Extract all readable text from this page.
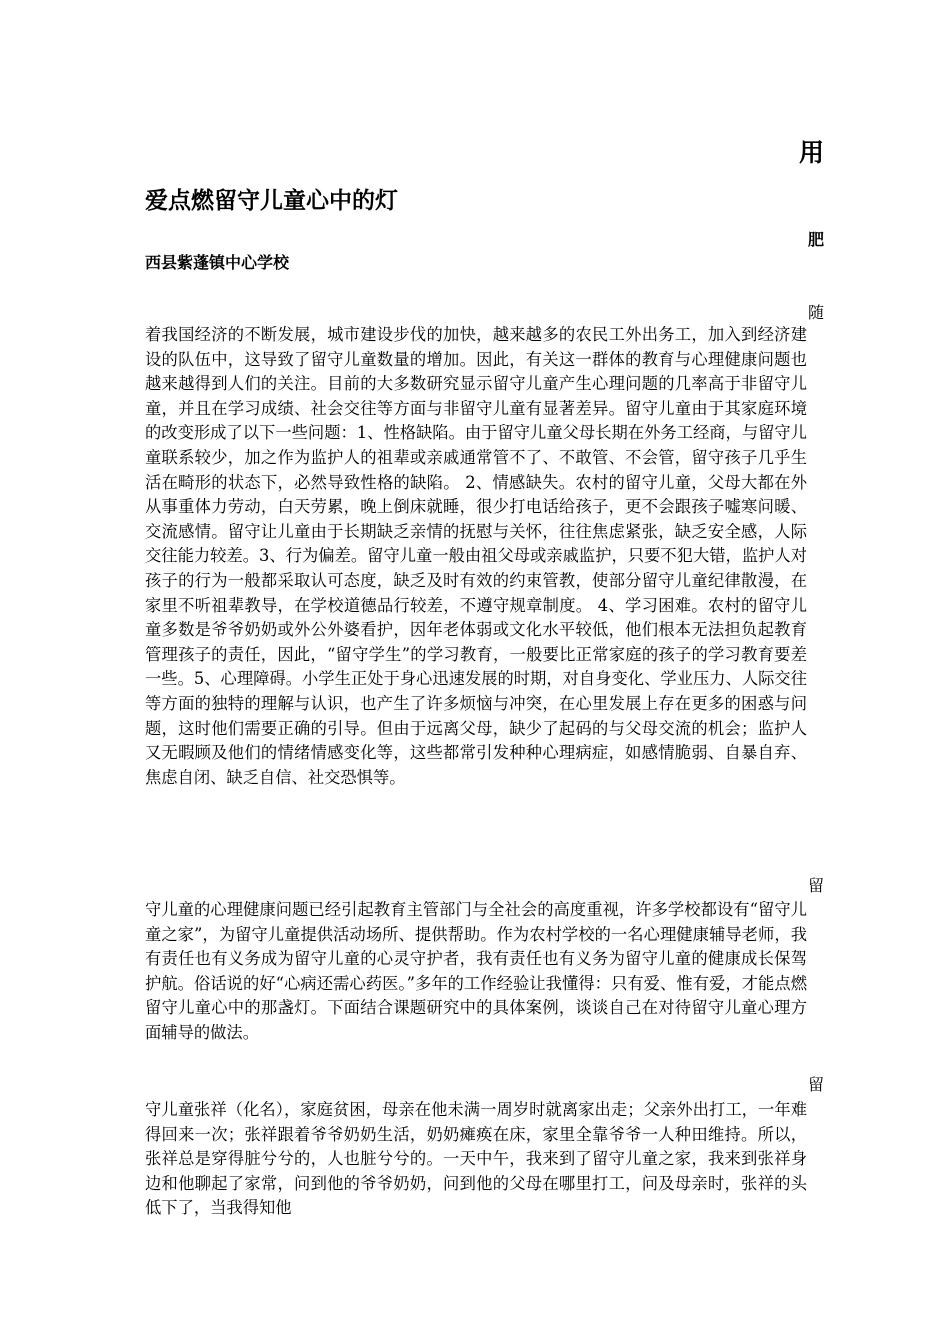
用
爱点燃留守儿童心中的灯
肥
西县紫蓬镇中心学校
随

着我国经济的不断发展，城市建设步伐的加快，越来越多的农民工外出务工，加入到经济建设的队伍中，这导致了留守儿童数量的增加。因此，有关这一群体的教育与心理健康问题也越来越得到人们的关注。目前的大多数研究显示留守儿童产生心理问题的几率高于非留守儿童，并且在学习成绩、社会交往等方面与非留守儿童有显著差异。留守儿童由于其家庭环境的改变形成了以下一些问题：1、性格缺陷。由于留守儿童父母长期在外务工经商，与留守儿童联系较少，加之作为监护人的祖辈或亲戚通常管不了、不敢管、不会管，留守孩子几乎生活在畸形的状态下，必然导致性格的缺陷。 2、情感缺失。农村的留守儿童，父母大都在外从事重体力劳动，白天劳累，晚上倒床就睡，很少打电话给孩子，更不会跟孩子嘘寒问暖、交流感情。留守让儿童由于长期缺乏亲情的抚慰与关怀，往往焦虑紧张，缺乏安全感，人际交往能力较差。3、行为偏差。留守儿童一般由祖父母或亲戚监护，只要不犯大错，监护人对孩子的行为一般都采取认可态度，缺乏及时有效的约束管教，使部分留守儿童纪律散漫，在家里不听祖辈教导，在学校道德品行较差，不遵守规章制度。 4、学习困难。农村的留守儿童多数是爷爷奶奶或外公外婆看护，因年老体弱或文化水平较低，他们根本无法担负起教育管理孩子的责任，因此，“留守学生”的学习教育，一般要比正常家庭的孩子的学习教育要差一些。5、心理障碍。小学生正处于身心迅速发展的时期，对自身变化、学业压力、人际交往等方面的独特的理解与认识，也产生了许多烦恼与冲突，在心里发展上存在更多的困惑与问题，这时他们需要正确的引导。但由于远离父母，缺少了起码的与父母交流的机会；监护人又无暇顾及他们的情绪情感变化等，这些都常引发种种心理病症，如感情脆弱、自暴自弃、焦虑自闭、缺乏自信、社交恐惧等。

留

守儿童的心理健康问题已经引起教育主管部门与全社会的高度重视，许多学校都设有“留守儿童之家”，为留守儿童提供活动场所、提供帮助。作为农村学校的一名心理健康辅导老师，我有责任也有义务成为留守儿童的心灵守护者，我有责任也有义务为留守儿童的健康成长保驾护航。俗话说的好“心病还需心药医。”多年的工作经验让我懂得：只有爱、惟有爱，才能点燃留守儿童心中的那盏灯。下面结合课题研究中的具体案例，谈谈自己在对待留守儿童心理方面辅导的做法。

留

守儿童张祥（化名），家庭贫困，母亲在他未满一周岁时就离家出走；父亲外出打工，一年难得回来一次；张祥跟着爷爷奶奶生活，奶奶瘫痪在床，家里全靠爷爷一人种田维持。所以，张祥总是穿得脏兮兮的，人也脏兮兮的。一天中午，我来到了留守儿童之家，我来到张祥身边和他聊起了家常，问到他的爷爷奶奶，问到他的父母在哪里打工，问及母亲时，张祥的头低下了，当我得知他
